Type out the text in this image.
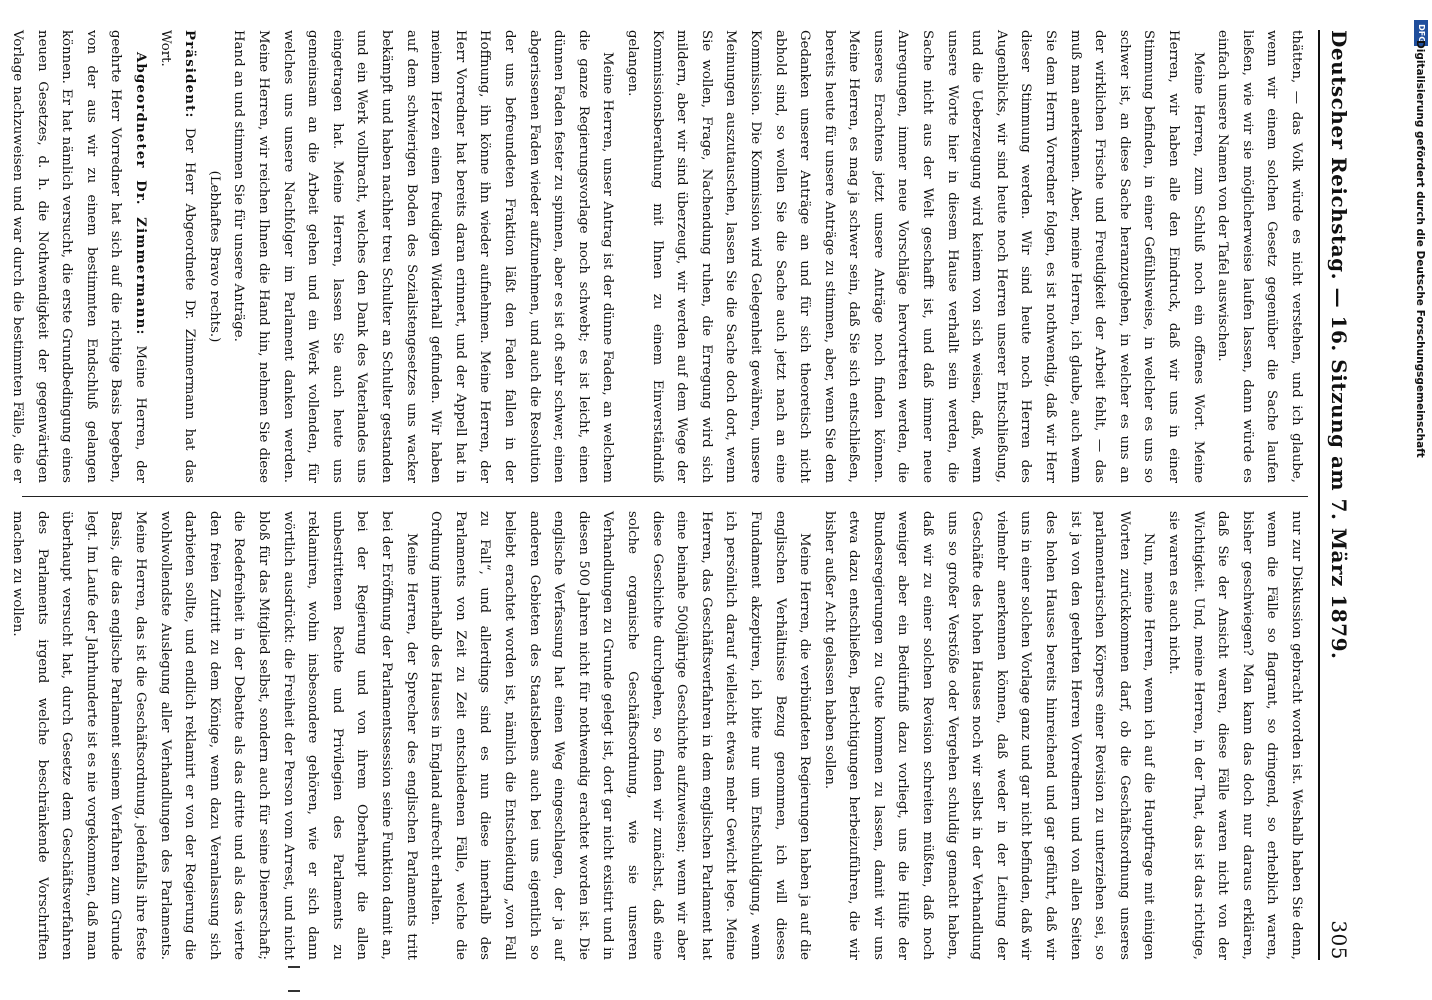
Deutscher Reichstag. — 16. Sitzung am 7. März 1879.
305

thätten, — das Volk würde es nicht verstehen, und ich glaube, wenn wir einem solchen Gesetz gegenüber die Sache laufen ließen, wie wir sie möglicherweise laufen lassen, dann würde es einfach unsere Namen von der Tafel auswischen.

Meine Herren, zum Schluß noch ein offenes Wort. Meine Herren, wir haben alle den Eindruck, daß wir uns in einer Stimmung befinden, in einer Gefühlsweise, in welcher es uns so schwer ist, an diese Sache heranzugehen, in welcher es uns an der wirklichen Frische und Freudigkeit der Arbeit fehlt, — das muß man anerkennen. Aber, meine Herren, ich glaube, auch wenn Sie dem Herrn Vorredner folgen, es ist nothwendig, daß wir Herr dieser Stimmung werden. Wir sind heute noch Herren des Augenblicks, wir sind heute noch Herren unserer Entschließung, und die Ueberzeugung wird keinem von sich weisen, daß, wenn unsere Worte hier in diesem Hause verhallt sein werden, die Sache nicht aus der Welt geschafft ist, und daß immer neue Anregungen, immer neue Vorschläge hervortreten werden, die unseres Erachtens jetzt unsere Anträge noch finden können. Meine Herren, es mag ja schwer sein, daß Sie sich entschließen, bereits heute für unsere Anträge zu stimmen, aber, wenn Sie dem Gedanken unserer Anträge an und für sich theoretisch nicht abhold sind, so wollen Sie die Sache auch jetzt nach an eine Kommission. Die Kommission wird Gelegenheit gewähren, unsere Meinungen auszutauschen, lassen Sie die Sache doch dort, wenn Sie wollen, Frage, Nachendung ruhen, die Erregung wird sich mildern, aber wir sind überzeugt, wir werden auf dem Wege der Kommissionsberathung mit Ihnen zu einem Einverständniß gelangen.

Meine Herren, unser Antrag ist der dünne Faden, an welchem die ganze Regierungsvorlage noch schwebt; es ist leicht, einen dünnen Faden fester zu spinnen, aber es ist oft sehr schwer, einen abgerissenen Faden wieder aufzunehmen, und auch die Resolution der uns befreundeten Fraktion läßt den Faden fallen in der Hoffnung, ihn könne ihn wieder aufnehmen. Meine Herren, der Herr Vorredner hat bereits daran erinnert, und der Appell hat in meinem Herzen einen freudigen Widerhall gefunden. Wir haben auf dem schwierigen Boden des Sozialistengesetzes uns wacker bekämpft und haben nachher treu Schulter an Schulter gestanden und ein Werk vollbracht, welches den Dank des Vaterlandes uns eingetragen hat. Meine Herren, lassen Sie auch heute uns gemeinsam an die Arbeit gehen und ein Werk vollenden, für welches uns unsere Nachfolger im Parlament danken werden. Meine Herren, wir reichen Ihnen die Hand hin, nehmen Sie diese Hand an und stimmen Sie für unsere Anträge.

(Lebhaftes Bravo rechts.)

Präsident: Der Herr Abgeordnete Dr. Zimmermann hat das Wort.

Abgeordneter Dr. Zimmermann: Meine Herren, der geehrte Herr Vorredner hat sich auf die richtige Basis begeben, von der aus wir zu einem bestimmten Endschluß gelangen können. Er hat nämlich versucht, die erste Grundbedingung eines neuen Gesetzes, d. h. die Nothwendigkeit der gegenwärtigen Vorlage nachzuweisen und war durch die bestimmten Fälle, die er

nur zur Diskussion gebracht worden ist. Weshalb haben Sie denn, wenn die Fälle so flagrant, so dringend, so erheblich waren, bisher geschwiegen? Man kann das doch nur daraus erklären, daß Sie der Ansicht waren, diese Fälle waren nicht von der Wichtigkeit. Und, meine Herren, in der That, das ist das richtige, sie waren es auch nicht.

Nun, meine Herren, wenn ich auf die Hauptfrage mit einigen Worten zurückkommen darf, ob die Geschäftsordnung unseres parlamentarischen Körpers einer Revision zu unterziehen sei, so ist ja von den geehrten Herren Vorrednern und von allen Seiten des hohen Hauses bereits hinreichend und gar geführt, daß wir uns in einer solchen Vorlage ganz und gar nicht befinden, daß wir vielmehr anerkennen können, daß weder in der Leitung der Geschäfte des hohen Hauses noch wir selbst in der Verhandlung uns so großer Verstöße oder Vergehen schuldig gemacht haben, daß wir zu einer solchen Revision schreiten müßten, daß noch weniger aber ein Bedürfniß dazu vorliegt, uns die Hülfe der Bundesregierungen zu Gute kommen zu lassen, damit wir uns etwa dazu entschließen, Berichtigungen herbeizuführen, die wir bisher außer Acht gelassen haben sollen.

Meine Herren, die verbündeten Regierungen haben ja auf die englischen Verhältnisse Bezug genommen, ich will dieses Fundament akzeptiren, ich bitte nur um Entschuldigung, wenn ich persönlich darauf vielleicht etwas mehr Gewicht lege. Meine Herren, das Geschäftsverfahren in dem englischen Parlament hat eine beinahe 500jährige Geschichte aufzuweisen; wenn wir aber diese Geschichte durchgehen, so finden wir zunächst, daß eine solche organische Geschäftsordnung, wie sie unseren Verhandlungen zu Grunde gelegt ist, dort gar nicht existirt und in diesen 500 Jahren nicht für nothwendig erachtet worden ist. Die englische Verfassung hat einen Weg eingeschlagen, der ja auf anderen Gebieten des Staatslebens auch bei uns eigentlich so beliebt erachtet worden ist, nämlich die Entscheidung „von Fall zu Fall“, und allerdings sind es nun diese innerhalb des Parlaments von Zeit zu Zeit entschiedenen Fälle, welche die Ordnung innerhalb des Hauses in England aufrecht erhalten.

Meine Herren, der Sprecher des englischen Parlaments tritt bei der Eröffnung der Parlamentssession seine Funktion damit an, bei der Regierung und von ihrem Oberhaupt die allen unbestrittenen Rechte und Privilegien des Parlaments zu reklamiren, wohin insbesondere gehören, wie er sich dann wörtlich ausdrückt: die Freiheit der Person vom Arrest, und nicht bloß für das Mitglied selbst, sondern auch für seine Dienerschaft; die Redefreiheit in der Debatte als das dritte und als das vierte den freien Zutritt zu dem Könige, wenn dazu Veranlassung sich darbieten sollte, und endlich reklamirt er von der Regierung die wohlwollendste Auslegung aller Verhandlungen des Parlaments. Meine Herren, das ist die Geschäftsordnung, jedenfalls ihre feste Basis, die das englische Parlament seinem Verfahren zum Grunde legt. Im Laufe der Jahrhunderte ist es nie vorgekommen, daß man überhaupt versucht hat, durch Gesetze dem Geschäftsverfahren des Parlaments irgend welche beschränkende Vorschriften machen zu wollen.

DFG
Digitalisierung gefördert durch die Deutsche Forschungsgemeinschaft
